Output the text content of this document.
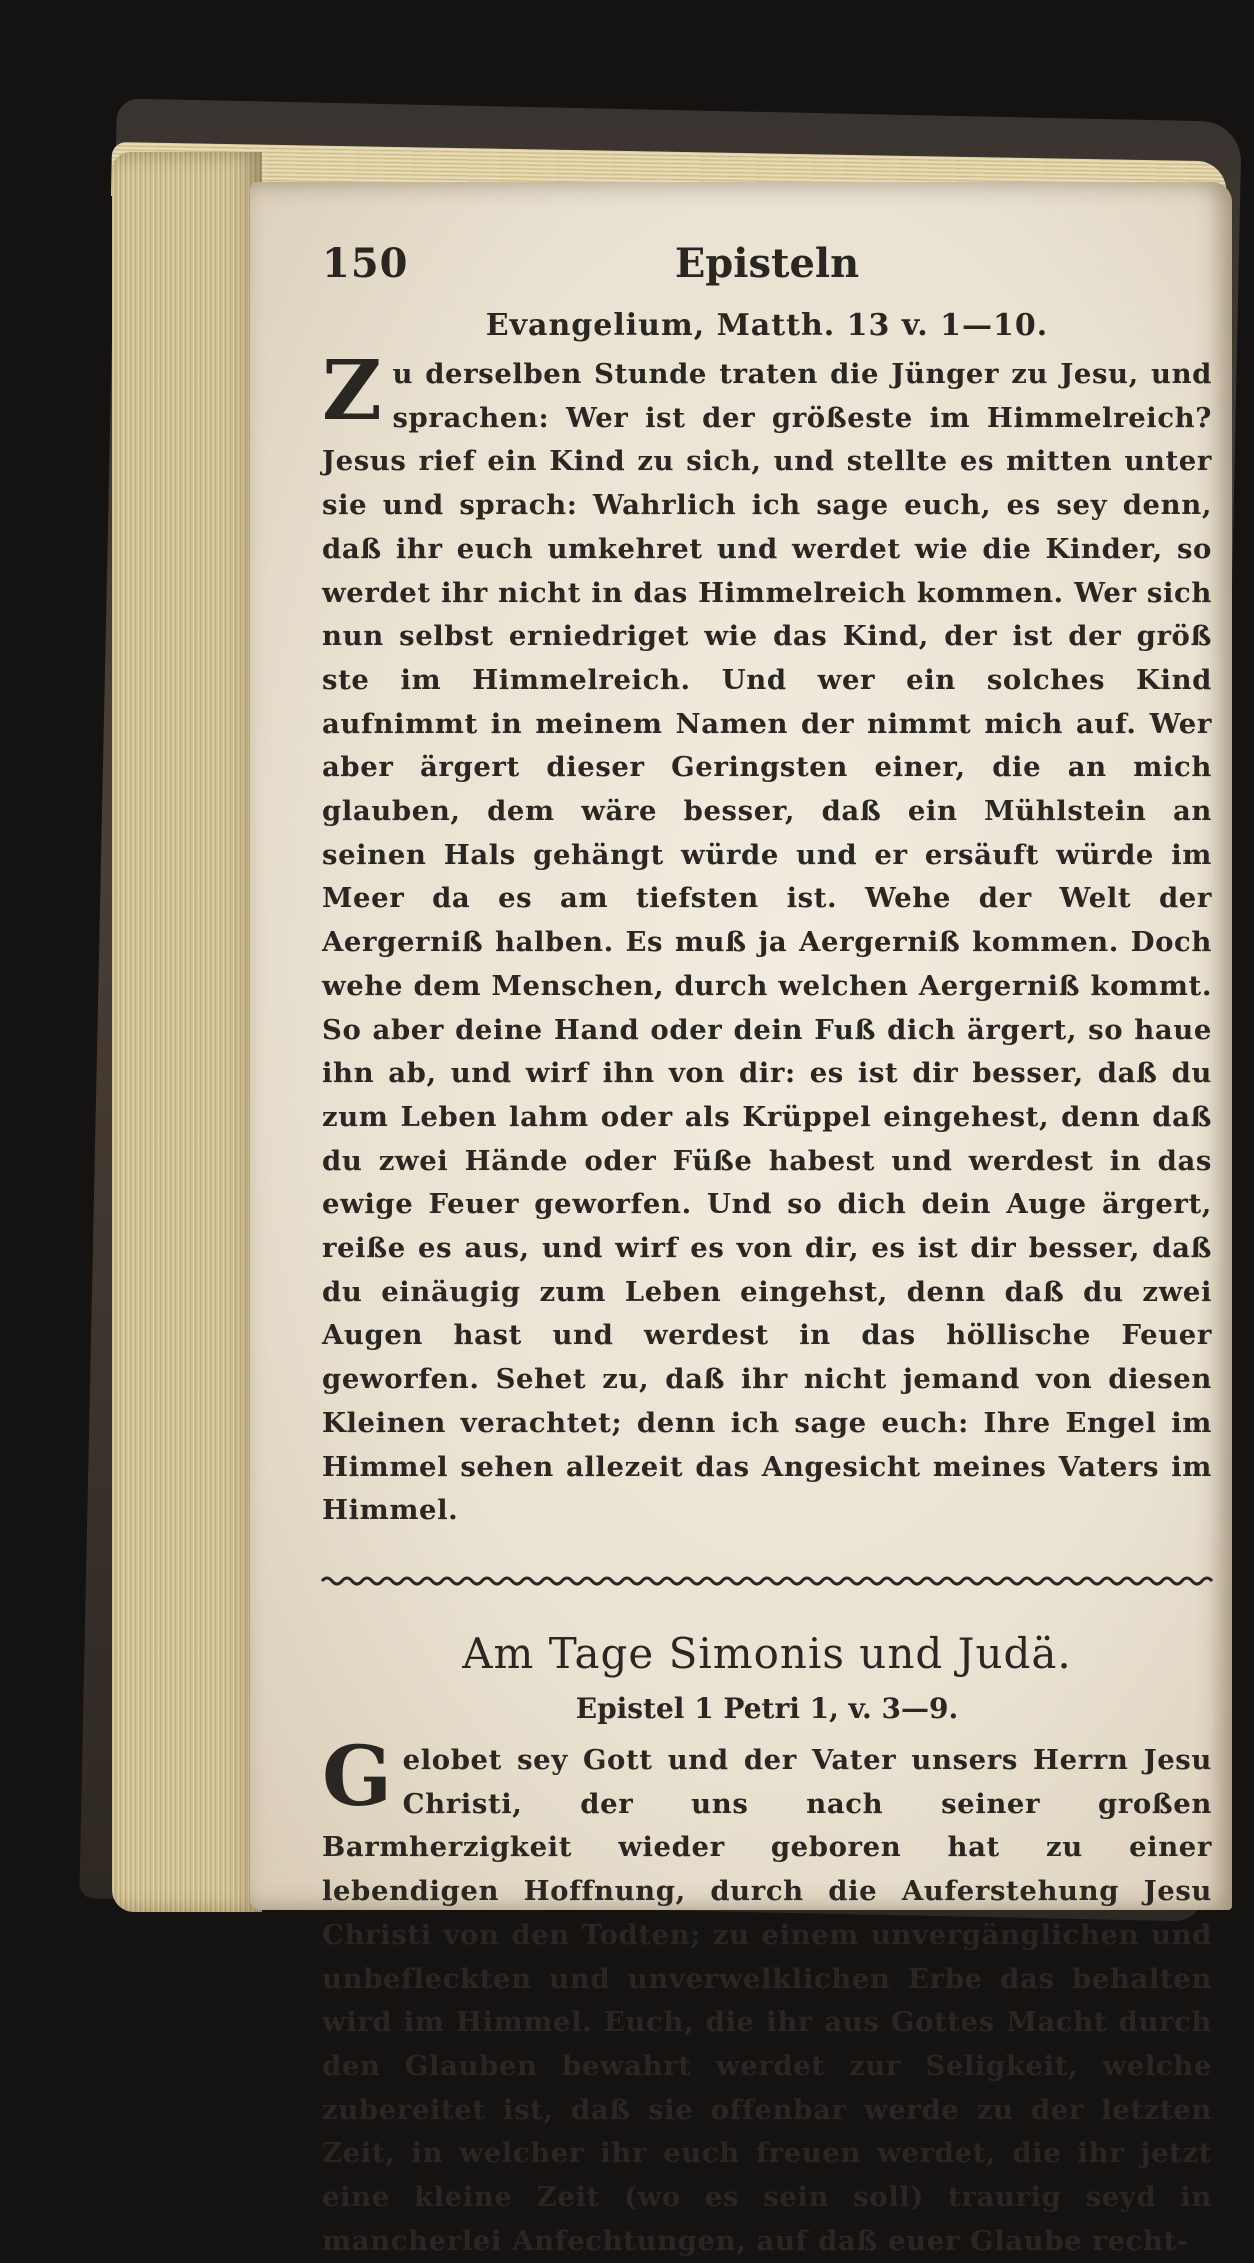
150	Episteln
Evangelium, Matth. 13 v. 1—10.

Zu derselben Stunde traten die Jünger zu Jesu, und sprachen: Wer ist der größeste im Himmelreich? Jesus rief ein Kind zu sich, und stellte es mitten unter sie und sprach: Wahrlich ich sage euch, es sey denn, daß ihr euch umkehret und werdet wie die Kinder, so werdet ihr nicht in das Himmelreich kommen. Wer sich nun selbst erniedriget wie das Kind, der ist der größ ste im Himmelreich. Und wer ein solches Kind aufnimmt in meinem Namen der nimmt mich auf. Wer aber ärgert dieser Geringsten einer, die an mich glauben, dem wäre besser, daß ein Mühlstein an seinen Hals gehängt würde und er ersäuft würde im Meer da es am tiefsten ist. Wehe der Welt der Aergerniß halben. Es muß ja Aergerniß kommen. Doch wehe dem Menschen, durch welchen Aergerniß kommt. So aber deine Hand oder dein Fuß dich ärgert, so haue ihn ab, und wirf ihn von dir: es ist dir besser, daß du zum Leben lahm oder als Krüppel eingehest, denn daß du zwei Hände oder Füße habest und werdest in das ewige Feuer geworfen. Und so dich dein Auge ärgert, reiße es aus, und wirf es von dir, es ist dir besser, daß du einäugig zum Leben eingehst, denn daß du zwei Augen hast und werdest in das höllische Feuer geworfen. Sehet zu, daß ihr nicht jemand von diesen Kleinen verachtet; denn ich sage euch: Ihre Engel im Himmel sehen allezeit das Angesicht meines Vaters im Himmel.

Am Tage Simonis und Judä.
Epistel 1 Petri 1, v. 3—9.

Gelobet sey Gott und der Vater unsers Herrn Jesu Christi, der uns nach seiner großen Barmherzigkeit wieder geboren hat zu einer lebendigen Hoffnung, durch die Auferstehung Jesu Christi von den Todten; zu einem unvergänglichen und unbefleckten und unverwelklichen Erbe das behalten wird im Himmel. Euch, die ihr aus Gottes Macht durch den Glauben bewahrt werdet zur Seligkeit, welche zubereitet ist, daß sie offenbar werde zu der letzten Zeit, in welcher ihr euch freuen werdet, die ihr jetzt eine kleine Zeit (wo es sein soll) traurig seyd in mancherlei Anfechtungen, auf daß euer Glaube recht-
